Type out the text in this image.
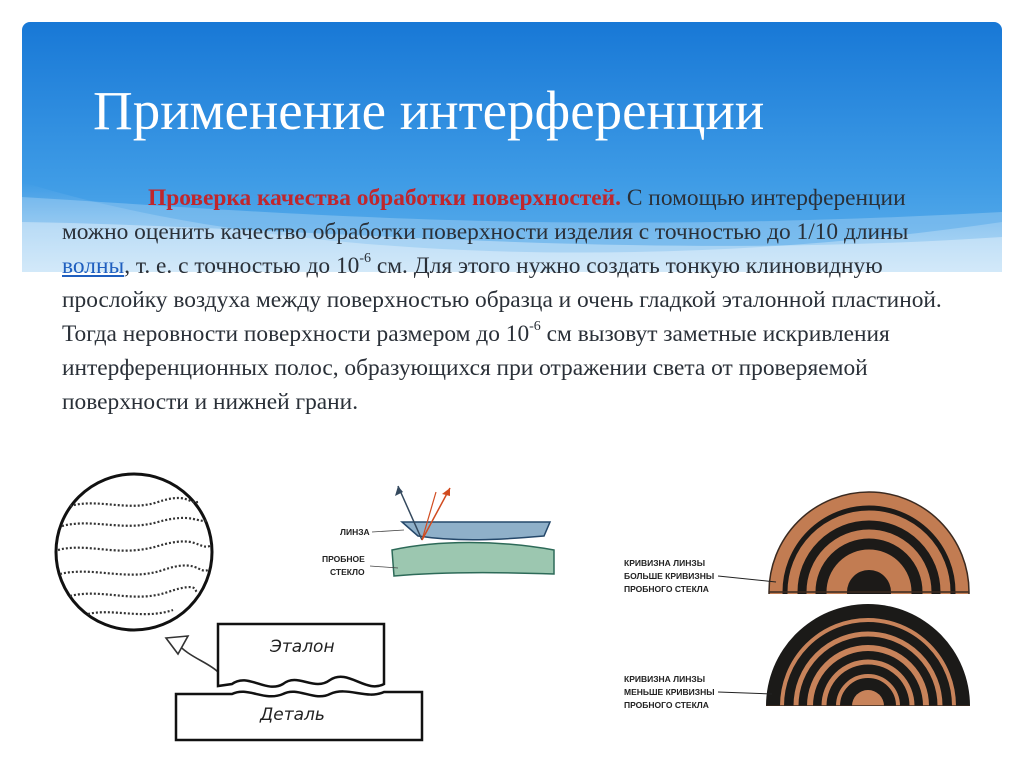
Применение интерференции

Проверка качества обработки поверхностей. С помощью интерференции можно оценить качество обработки поверхности изделия с точностью до 1/10 длины волны, т. е. с точностью до $10^{-6}$ см. Для этого нужно создать тонкую клиновидную прослойку воздуха между поверхностью образца и очень гладкой эталонной пластиной. Тогда неровности поверхности размером до $10^{-6}$ см вызовут заметные искривления интерференционных полос, образующихся при отражении света от проверяемой поверхности и нижней грани.

Эталон
Деталь
ЛИНЗА
ПРОБНОЕ
СТЕКЛО
КРИВИЗНА ЛИНЗЫ
БОЛЬШЕ КРИВИЗНЫ
ПРОБНОГО СТЕКЛА
КРИВИЗНА ЛИНЗЫ
МЕНЬШЕ КРИВИЗНЫ
ПРОБНОГО СТЕКЛА
